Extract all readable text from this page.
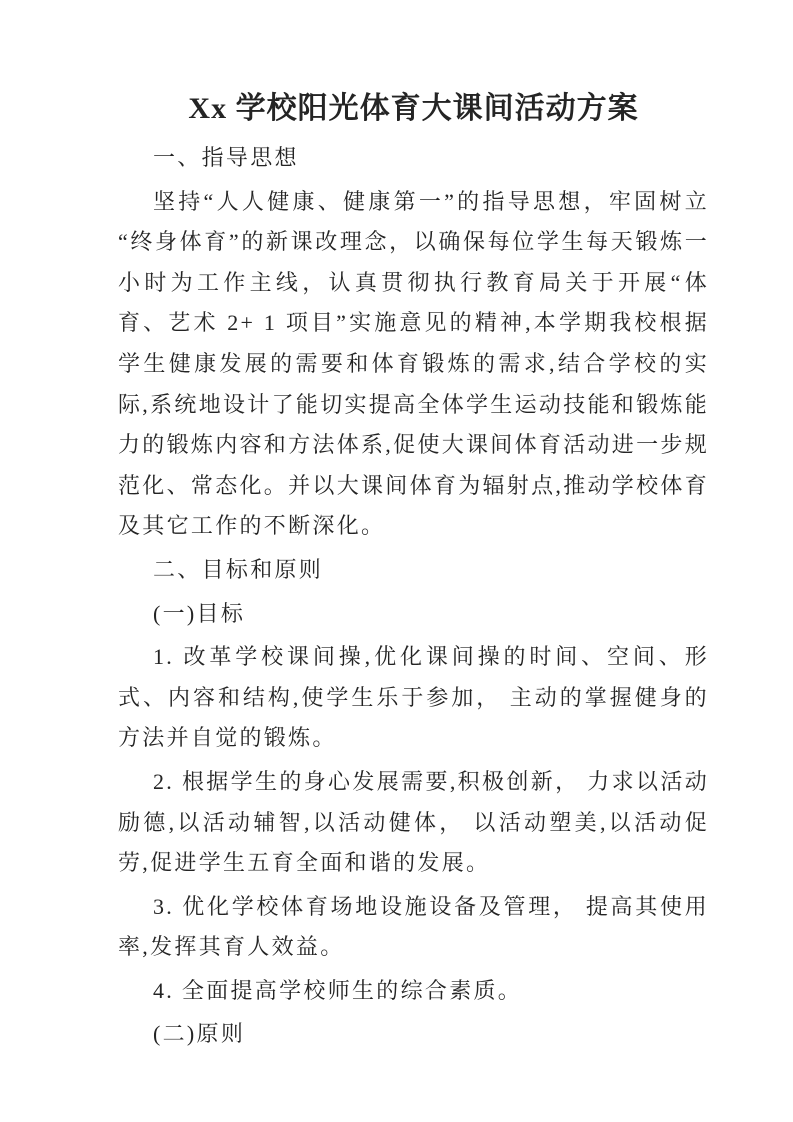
Xx 学校阳光体育大课间活动方案

一、指导思想

坚持“人人健康、健康第一”的指导思想，牢固树立“终身体育”的新课改理念，以确保每位学生每天锻炼一小时为工作主线，认真贯彻执行教育局关于开展“体育、艺术 2+ 1 项目”实施意见的精神,本学期我校根据学生健康发展的需要和体育锻炼的需求,结合学校的实际,系统地设计了能切实提高全体学生运动技能和锻炼能力的锻炼内容和方法体系,促使大课间体育活动进一步规范化、常态化。并以大课间体育为辐射点,推动学校体育及其它工作的不断深化。

二、目标和原则

(一)目标

1. 改革学校课间操,优化课间操的时间、空间、形式、内容和结构,使学生乐于参加， 主动的掌握健身的方法并自觉的锻炼。

2. 根据学生的身心发展需要,积极创新， 力求以活动励德,以活动辅智,以活动健体， 以活动塑美,以活动促劳,促进学生五育全面和谐的发展。

3. 优化学校体育场地设施设备及管理， 提高其使用率,发挥其育人效益。

4. 全面提高学校师生的综合素质。

(二)原则
